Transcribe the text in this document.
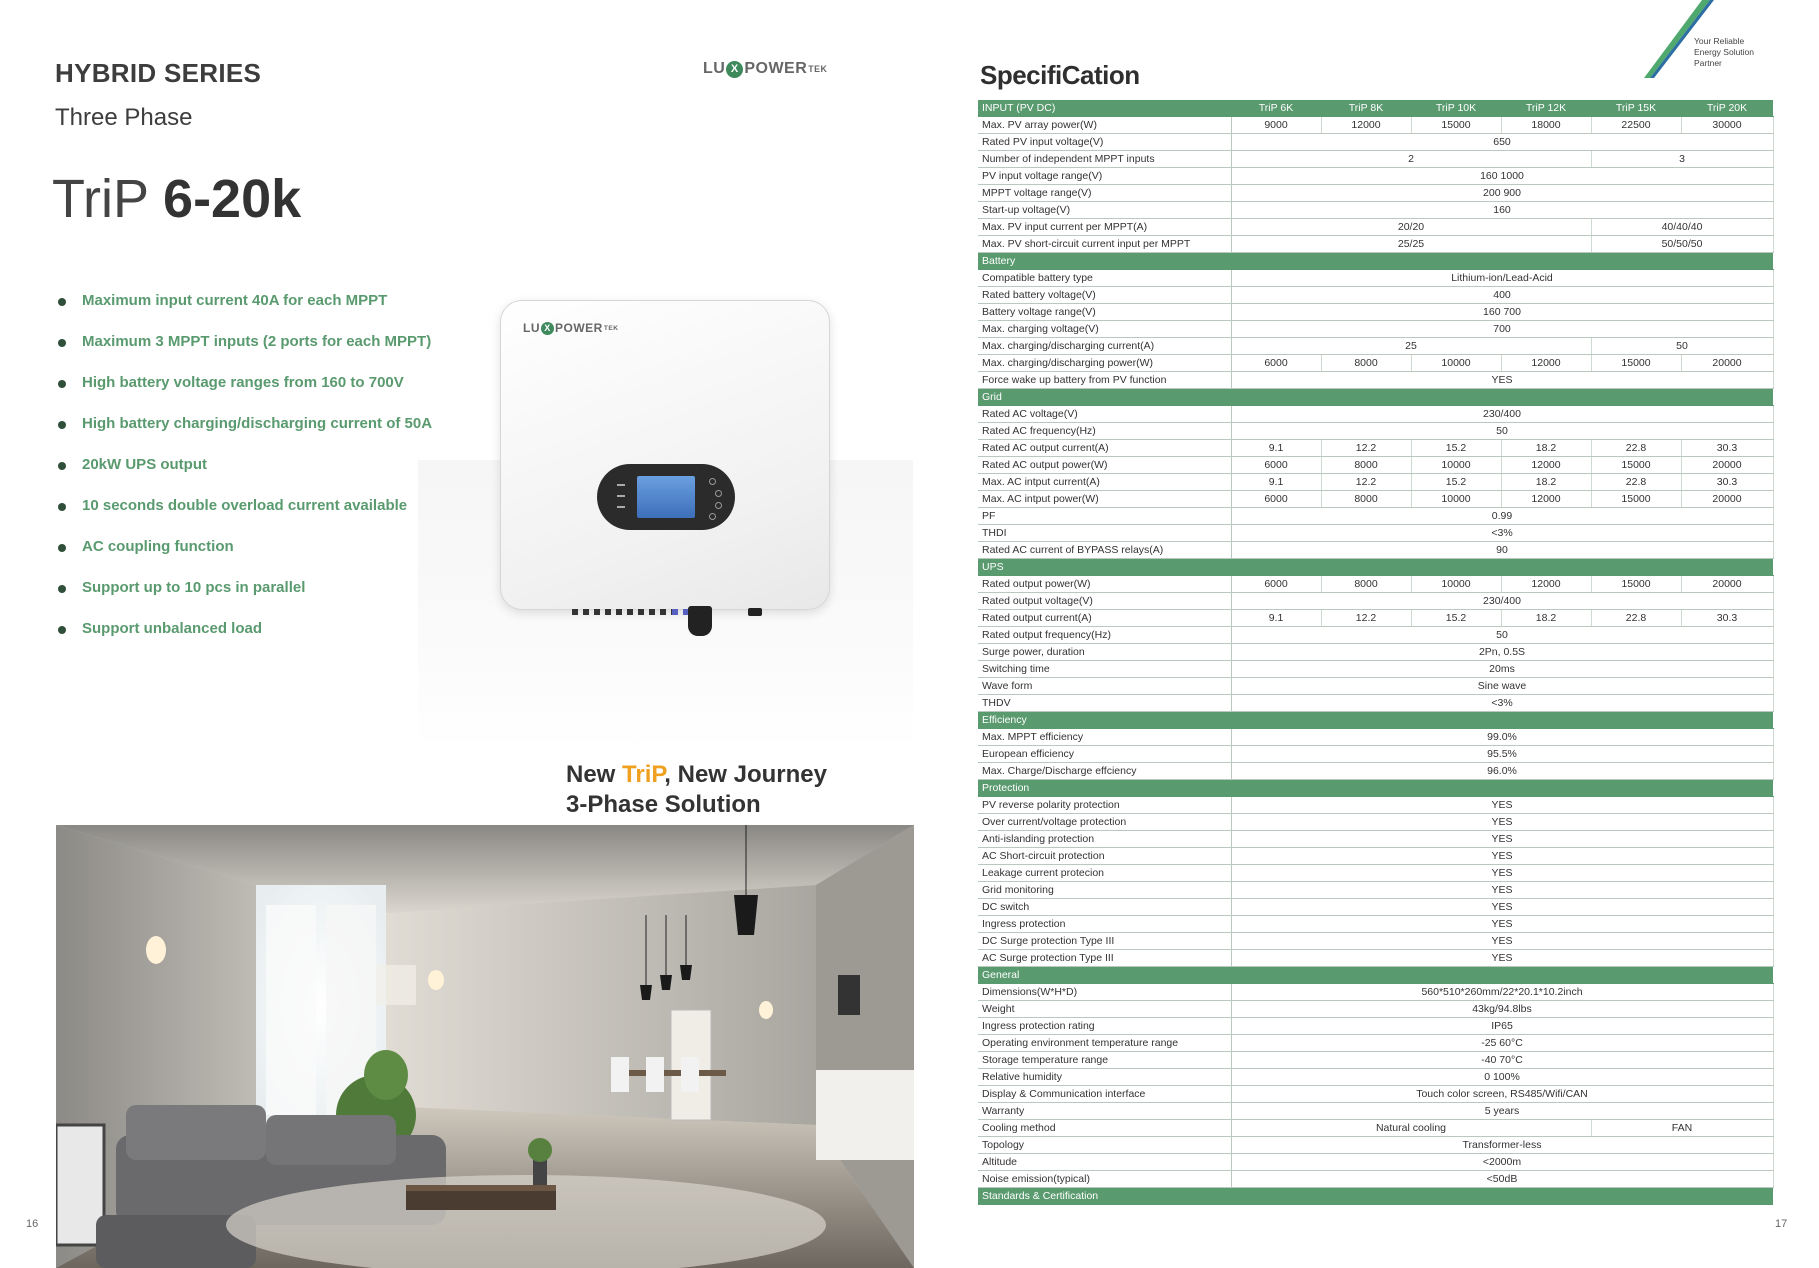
HYBRID SERIES
Three Phase
TriP 6-20k
LU X POWER TEK
Maximum input current 40A for each MPPT
Maximum 3 MPPT inputs (2 ports for each MPPT)
High battery voltage ranges from 160 to 700V
High battery charging/discharging current of 50A
20kW UPS output
10 seconds double overload current available
AC coupling function
Support up to 10 pcs in parallel
Support unbalanced load
LU X POWER TEK
New TriP, New Journey
3-Phase Solution
16
Your Reliable
Energy Solution
Partner
SpecifiCation
INPUT (PV DC)	TriP 6K	TriP 8K	TriP 10K	TriP 12K	TriP 15K	TriP 20K
Max. PV array power(W)	9000	12000	15000	18000	22500	30000
Rated PV input voltage(V)	650					
Number of independent MPPT inputs	2				3	
PV input voltage range(V)	160 1000					
MPPT voltage range(V)	200 900					
Start-up voltage(V)	160					
Max. PV input current per MPPT(A)	20/20				40/40/40	
Max. PV short-circuit current input per MPPT	25/25				50/50/50	
Battery						
Compatible battery type	Lithium-ion/Lead-Acid					
Rated battery voltage(V)	400					
Battery voltage range(V)	160 700					
Max. charging voltage(V)	700					
Max. charging/discharging current(A)	25				50	
Max. charging/discharging power(W)	6000	8000	10000	12000	15000	20000
Force wake up battery from PV function	YES					
Grid						
Rated AC voltage(V)	230/400					
Rated AC frequency(Hz)	50					
Rated AC output current(A)	9.1	12.2	15.2	18.2	22.8	30.3
Rated AC output power(W)	6000	8000	10000	12000	15000	20000
Max. AC intput current(A)	9.1	12.2	15.2	18.2	22.8	30.3
Max. AC intput power(W)	6000	8000	10000	12000	15000	20000
PF	0.99					
THDI	<3%					
Rated AC current of BYPASS relays(A)	90					
UPS						
Rated output power(W)	6000	8000	10000	12000	15000	20000
Rated output voltage(V)	230/400					
Rated output current(A)	9.1	12.2	15.2	18.2	22.8	30.3
Rated output frequency(Hz)	50					
Surge power, duration	2Pn, 0.5S					
Switching time	20ms					
Wave form	Sine wave					
THDV	<3%					
Efficiency						
Max. MPPT efficiency	99.0%					
European efficiency	95.5%					
Max. Charge/Discharge effciency	96.0%					
Protection						
PV reverse polarity protection	YES					
Over current/voltage protection	YES					
Anti-islanding protection	YES					
AC Short-circuit protection	YES					
Leakage current protecion	YES					
Grid monitoring	YES					
DC switch	YES					
Ingress protection	YES					
DC Surge protection Type III	YES					
AC Surge protection Type III	YES					
General						
Dimensions(W*H*D)	560*510*260mm/22*20.1*10.2inch					
Weight	43kg/94.8lbs					
Ingress protection rating	IP65					
Operating environment temperature range	-25 60°C					
Storage temperature range	-40 70°C					
Relative humidity	0 100%					
Display & Communication interface	Touch color screen, RS485/Wifi/CAN					
Warranty	5 years					
Cooling method	Natural cooling				FAN	
Topology	Transformer-less					
Altitude	<2000m					
Noise emission(typical)	<50dB					
Standards & Certification						
17
